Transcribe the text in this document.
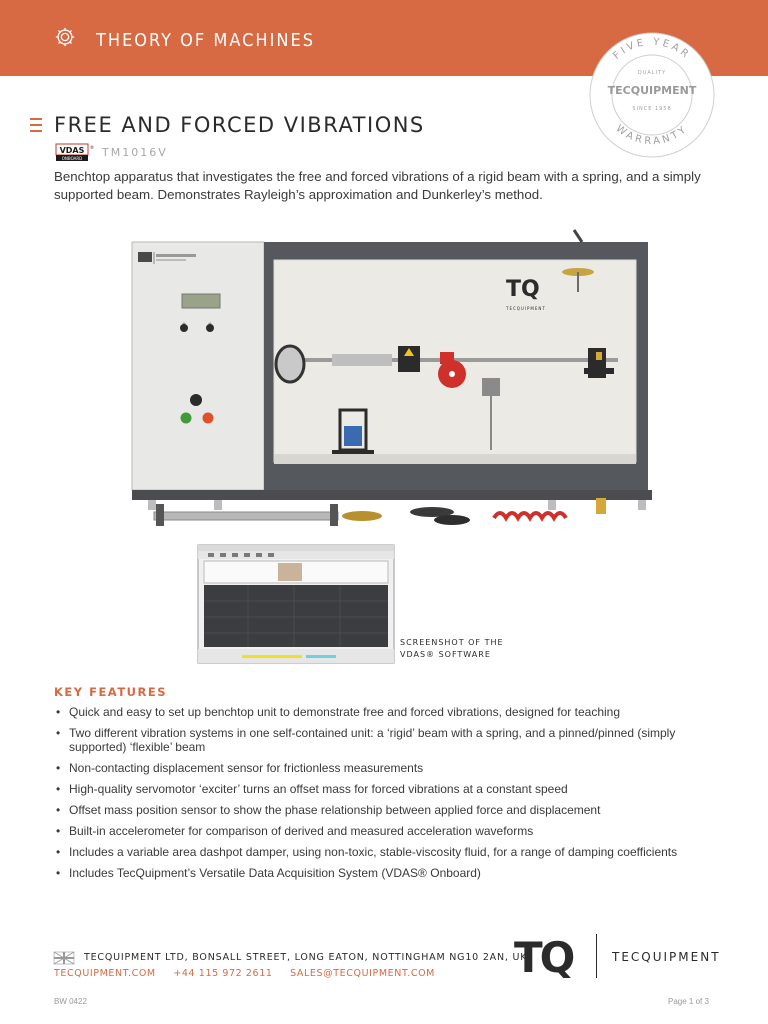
THEORY OF MACHINES
FIVE YEAR
WARRANTY
QUALITY
TECQUIPMENT
SINCE 1958
FREE AND FORCED VIBRATIONS
VDAS
ONBOARD
® TM1016V

Benchtop apparatus that investigates the free and forced vibrations of a rigid beam with a spring, and a simply supported beam. Demonstrates Rayleigh’s approximation and Dunkerley’s method.

TQ
TECQUIPMENT
SCREENSHOT OF THE
VDAS® SOFTWARE
KEY FEATURES
• Quick and easy to set up benchtop unit to demonstrate free and forced vibrations, designed for teaching
• Two different vibration systems in one self-contained unit: a ‘rigid’ beam with a spring, and a pinned/pinned (simply supported) ‘flexible’ beam
• Non-contacting displacement sensor for frictionless measurements
• High-quality servomotor ‘exciter’ turns an offset mass for forced vibrations at a constant speed
• Offset mass position sensor to show the phase relationship between applied force and displacement
• Built-in accelerometer for comparison of derived and measured acceleration waveforms
• Includes a variable area dashpot damper, using non-toxic, stable-viscosity fluid, for a range of damping coefficients
• Includes TecQuipment’s Versatile Data Acquisition System (VDAS® Onboard)
TECQUIPMENT LTD, BONSALL STREET, LONG EATON, NOTTINGHAM NG10 2AN, UK
TECQUIPMENT.COM +44 115 972 2611 SALES@TECQUIPMENT.COM	TQ	TECQUIPMENT
BW 0422	Page 1 of 3
